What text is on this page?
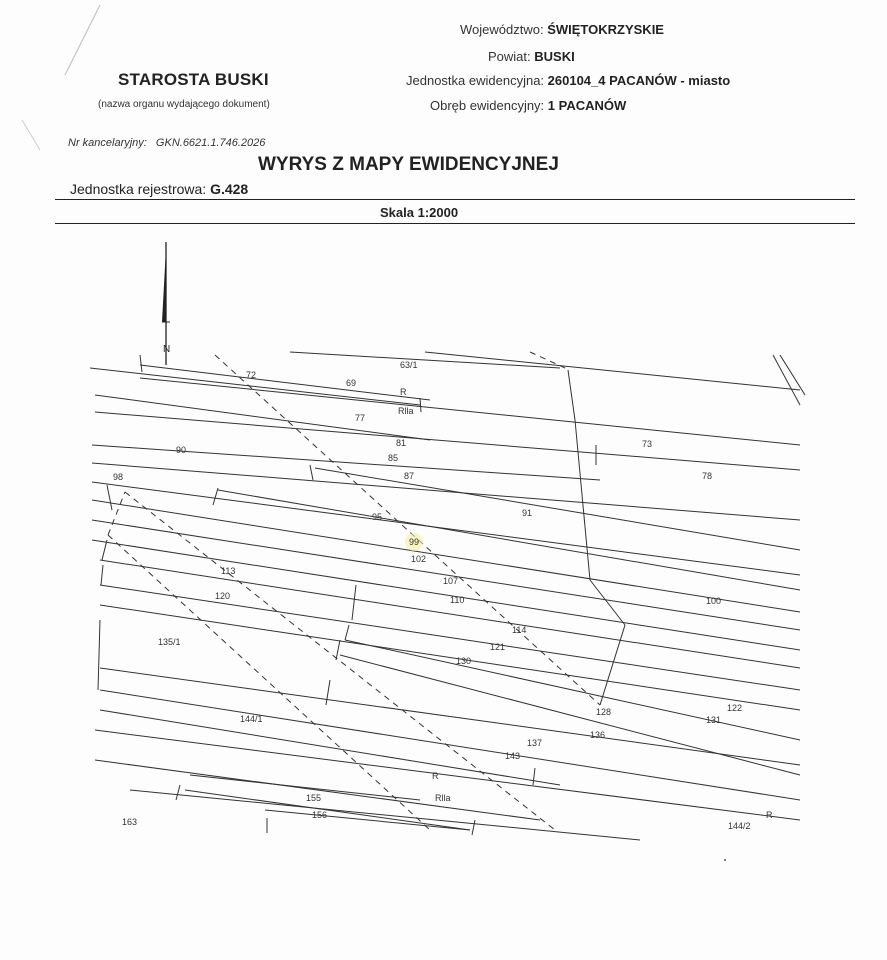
Województwo: ŚWIĘTOKRZYSKIE
Powiat: BUSKI
Jednostka ewidencyjna: 260104_4 PACANÓW - miasto
Obręb ewidencyjny: 1 PACANÓW
STAROSTA BUSKI
(nazwa organu wydającego dokument)
Nr kancelaryjny: GKN.6621.1.746.2026
WYRYS Z MAPY EWIDENCYJNEJ
Jednostka rejestrowa: G.428
Skala 1:2000
N
63/1
72
69
R
Rlla
77
81
85
87
90
73
78
98
95	91
99
102
113
107
120	110	100
114
121
135/1
130
122
128
131
144/1
136
137
143
R
Rlla
155
156
163	144/2
R
